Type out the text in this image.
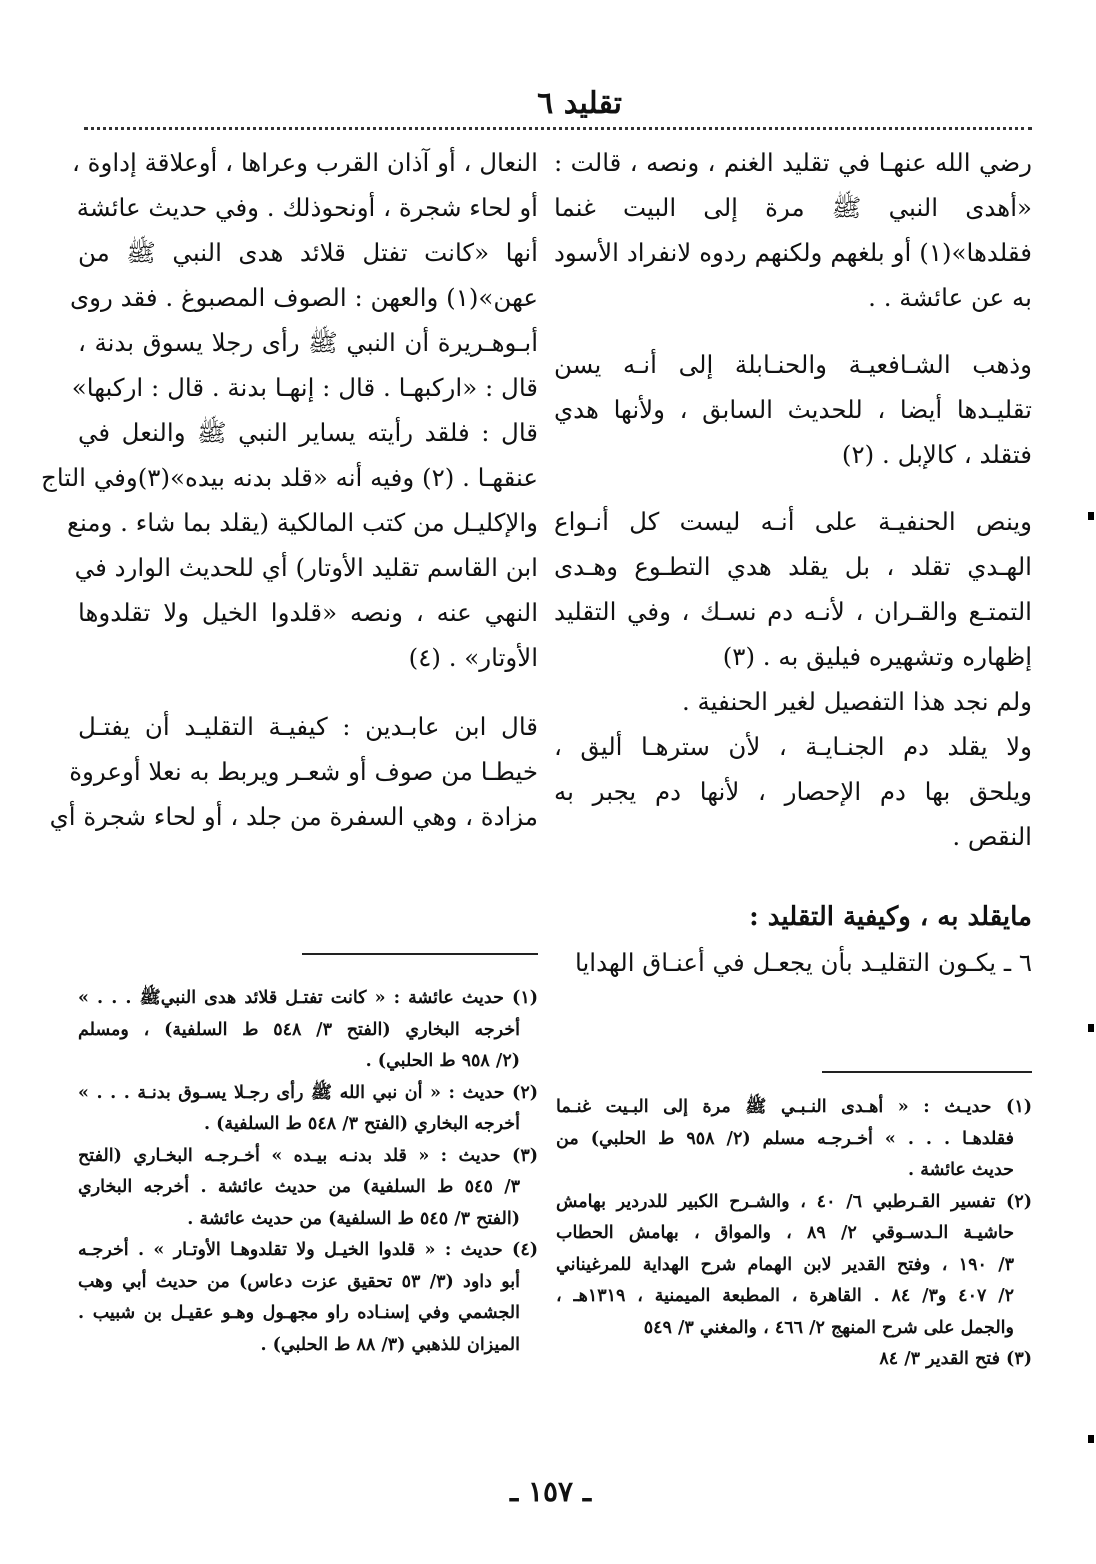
تقليد ٦
رضي الله عنهـا في تقليد الغنم ، ونصه ، قالت :
«أهدى النبي ﷺ مرة إلى البيت غنما
فقلدها»(١) أو بلغهم ولكنهم ردوه لانفراد الأسود
به عن عائشة . .
وذهب الشـافعيـة والحنـابلة إلى أنـه يسن
تقليـدها أيضا ، للحديث السابق ، ولأنها هدي
فتقلد ، كالإبل . (٢)
وينص الحنفيـة على أنـه ليست كل أنـواع
الهـدي تقلد ، بل يقلد هدي التطـوع وهـدى
التمتـع والقـران ، لأنـه دم نسـك ، وفي التقليد
إظهاره وتشهيره فيليق به . (٣)
ولم نجد هذا التفصيل لغير الحنفية .
ولا يقلد دم الجنـايـة ، لأن سترهـا أليق ،
ويلحق بها دم الإحصار ، لأنها دم يجبر به
النقص .
مايقلد به ، وكيفية التقليد :
٦ ـ يكـون التقليـد بأن يجعـل في أعنـاق الهدايا
النعال ، أو آذان القرب وعراها ، أوعلاقة إداوة ،
أو لحاء شجرة ، أونحوذلك . وفي حديث عائشة
أنها «كانت تفتل قلائد هدى النبي ﷺ من
عهن»(١) والعهن : الصوف المصبوغ . فقد روى
أبـوهـريرة أن النبي ﷺ رأى رجلا يسوق بدنة ،
قال : «اركبهـا . قال : إنهـا بدنة . قال : اركبها»
قال : فلقد رأيته يساير النبي ﷺ والنعل في
عنقهـا . (٢) وفيه أنه «قلد بدنه بيده»(٣)وفي التاج
والإكليـل من كتب المالكية (يقلد بما شاء . ومنع
ابن القاسم تقليد الأوتار) أي للحديث الوارد في
النهي عنه ، ونصه «قلدوا الخيل ولا تقلدوها
الأوتار» . (٤)
قال ابن عابـدين : كيفيـة التقليـد أن يفتـل
خيطـا من صوف أو شعـر ويربط به نعلا أوعروة
مزادة ، وهي السفرة من جلد ، أو لحاء شجرة أي
(١) حديـث : « أهـدى النـبـي ﷺ مرة إلى البـيت غنـما
فقلدهـا . . . » أخـرجـه مسلم (٢/ ٩٥٨ ط الحلبي) من
حديث عائشة .
(٢) تفسير القـرطبي ٦/ ٤٠ ، والشـرح الكبير للدردير بهامش
حاشيـة الـدسـوقي ٢/ ٨٩ ، والمواق ، بهامش الحطاب
٣/ ١٩٠ ، وفتح القدير لابن الهمام شرح الهداية للمرغيناني
٢/ ٤٠٧ و٣/ ٨٤ . القاهرة ، المطبعة الميمنية ، ١٣١٩هـ ،
والجمل على شرح المنهج ٢/ ٤٦٦ ، والمغني ٣/ ٥٤٩
(٣) فتح القدير ٣/ ٨٤
(١) حديث عائشة : « كانت تفتـل قلائد هدى النبيﷺ . . . »
أخرجه البخاري (الفتح ٣/ ٥٤٨ ط السلفية) ، ومسلم
(٢/ ٩٥٨ ط الحلبي) .
(٢) حديث : « أن نبي الله ﷺ رأى رجـلا يسـوق بدنـة . . . »
أخرجه البخاري (الفتح ٣/ ٥٤٨ ط السلفية) .
(٣) حديث : « قلد بدنـه بيـده » أخـرجـه البخـاري (الفتح
٣/ ٥٤٥ ط السلفية) من حديث عائشة . أخرجه البخاري
(الفتح ٣/ ٥٤٥ ط السلفية) من حديث عائشة .
(٤) حديث : « قلدوا الخيـل ولا تقلدوهـا الأوتـار » . أخرجـه
أبو داود (٣/ ٥٣ تحقيق عزت دعاس) من حديث أبي وهب
الجشمي وفي إسنـاده راو مجهـول وهـو عقيـل بن شبيب .
الميزان للذهبي (٣/ ٨٨ ط الحلبي) .
ـ ١٥٧ ـ
